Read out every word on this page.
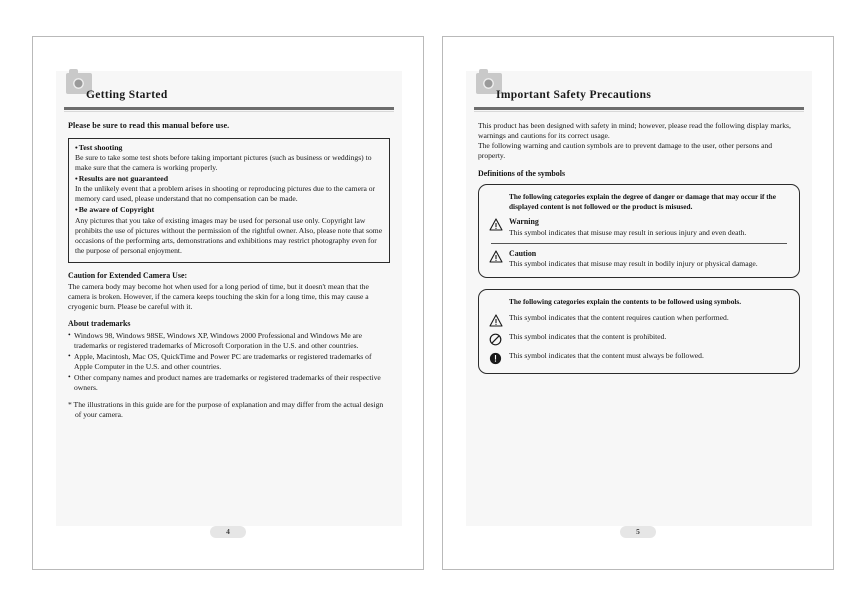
Getting Started
Please be sure to read this manual before use.
• Test shooting

Be sure to take some test shots before taking important pictures (such as business or weddings) to make sure that the camera is working properly.

• Results are not guaranteed

In the unlikely event that a problem arises in shooting or reproducing pictures due to the camera or memory card used, please understand that no compensation can be made.

• Be aware of Copyright

Any pictures that you take of existing images may be used for personal use only. Copyright law prohibits the use of pictures without the permission of the rightful owner. Also, please note that some occasions of the performing arts, demonstrations and exhibitions may restrict photography even for the purpose of personal enjoyment.

Caution for Extended Camera Use:

The camera body may become hot when used for a long period of time, but it doesn't mean that the camera is broken. However, if the camera keeps touching the skin for a long time, this may cause a cryogenic burn. Please be careful with it.

About trademarks
• Windows 98, Windows 98SE, Windows XP, Windows 2000 Professional and Windows Me are trademarks or registered trademarks of Microsoft Corporation in the U.S. and other countries.
• Apple, Macintosh, Mac OS, QuickTime and Power PC are trademarks or registered trademarks of Apple Computer in the U.S. and other countries.
• Other company names and product names are trademarks or registered trademarks of their respective owners.

* The illustrations in this guide are for the purpose of explanation and may differ from the actual design of your camera.

4
Important Safety Precautions

This product has been designed with safety in mind; however, please read the following display marks, warnings and cautions for its correct usage.

The following warning and caution symbols are to prevent damage to the user, other persons and property.

Definitions of the symbols
The following categories explain the degree of danger or damage that may occur if the displayed content is not followed or the product is misused.
Warning

This symbol indicates that misuse may result in serious injury and even death.

Caution

This symbol indicates that misuse may result in bodily injury or physical damage.

The following categories explain the contents to be followed using symbols.

This symbol indicates that the content requires caution when performed.

This symbol indicates that the content is prohibited.

This symbol indicates that the content must always be followed.

5
